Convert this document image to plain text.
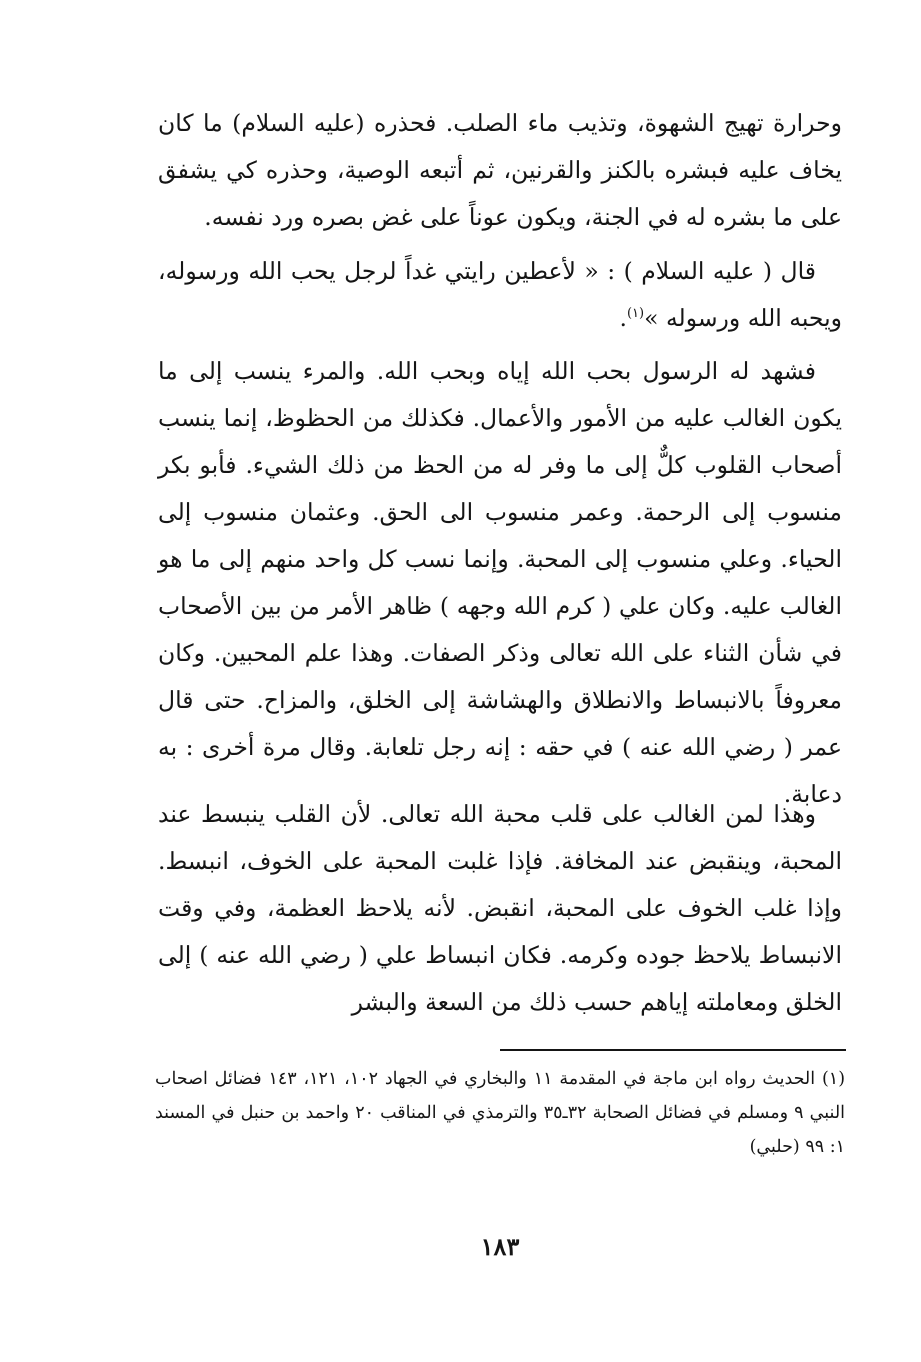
وحرارة تهيج الشهوة، وتذيب ماء الصلب. فحذره (عليه السلام) ما كان يخاف عليه فبشره بالكنز والقرنين، ثم أتبعه الوصية، وحذره كي يشفق على ما بشره له في الجنة، ويكون عوناً على غض بصره ورد نفسه.

قال ( عليه السلام ) : « لأعطين رايتي غداً لرجل يحب الله ورسوله، ويحبه الله ورسوله »$^{(١)}$.

فشهد له الرسول بحب الله إياه وبحب الله. والمرء ينسب إلى ما يكون الغالب عليه من الأمور والأعمال. فكذلك من الحظوظ، إنما ينسب أصحاب القلوب كلٌّ إلى ما وفر له من الحظ من ذلك الشيء. فأبو بكر منسوب إلى الرحمة. وعمر منسوب الى الحق. وعثمان منسوب إلى الحياء. وعلي منسوب إلى المحبة. وإنما نسب كل واحد منهم إلى ما هو الغالب عليه. وكان علي ( كرم الله وجهه ) ظاهر الأمر من بين الأصحاب في شأن الثناء على الله تعالى وذكر الصفات. وهذا علم المحبين. وكان معروفاً بالانبساط والانطلاق والهشاشة إلى الخلق، والمزاح. حتى قال عمر ( رضي الله عنه ) في حقه : إنه رجل تلعابة. وقال مرة أخرى : به دعابة.

وهذا لمن الغالب على قلب محبة الله تعالى. لأن القلب ينبسط عند المحبة، وينقبض عند المخافة. فإذا غلبت المحبة على الخوف، انبسط. وإذا غلب الخوف على المحبة، انقبض. لأنه يلاحظ العظمة، وفي وقت الانبساط يلاحظ جوده وكرمه. فكان انبساط علي ( رضي الله عنه ) إلى الخلق ومعاملته إياهم حسب ذلك من السعة والبشر

(١) الحديث رواه ابن ماجة في المقدمة ١١ والبخاري في الجهاد ١٠٢، ١٢١، ١٤٣ فضائل اصحاب النبي ٩ ومسلم في فضائل الصحابة ٣٢ـ٣٥ والترمذي في المناقب ٢٠ واحمد بن حنبل في المسند ١: ٩٩ (حلبي)

١٨٣
